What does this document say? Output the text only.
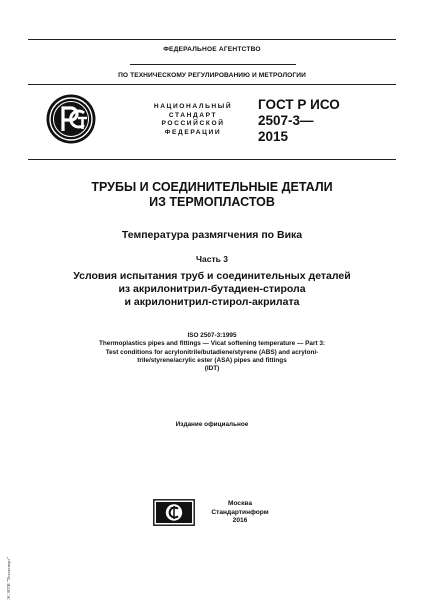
ФЕДЕРАЛЬНОЕ АГЕНТСТВО
ПО ТЕХНИЧЕСКОМУ РЕГУЛИРОВАНИЮ И МЕТРОЛОГИИ
НАЦИОНАЛЬНЫЙ
СТАНДАРТ
РОССИЙСКОЙ
ФЕДЕРАЦИИ
ГОСТ Р ИСО
2507-3—
2015
ТРУБЫ И СОЕДИНИТЕЛЬНЫЕ ДЕТАЛИ
ИЗ ТЕРМОПЛАСТОВ
Температура размягчения по Вика
Часть 3
Условия испытания труб и соединительных деталей
из акрилонитрил-бутадиен-стирола
и акрилонитрил-стирол-акрилата
ISO 2507-3:1995
Thermoplastics pipes and fittings — Vicat softening temperature — Part 3:
Test conditions for acrylonitrile/butadiene/styrene (ABS) and acryloni-
trile/styrene/acrylic ester (ASA) pipes and fittings
(IDT)
Издание официальное
Москва
Стандартинформ
2016
ЭС НТИ "Техэксперт"
